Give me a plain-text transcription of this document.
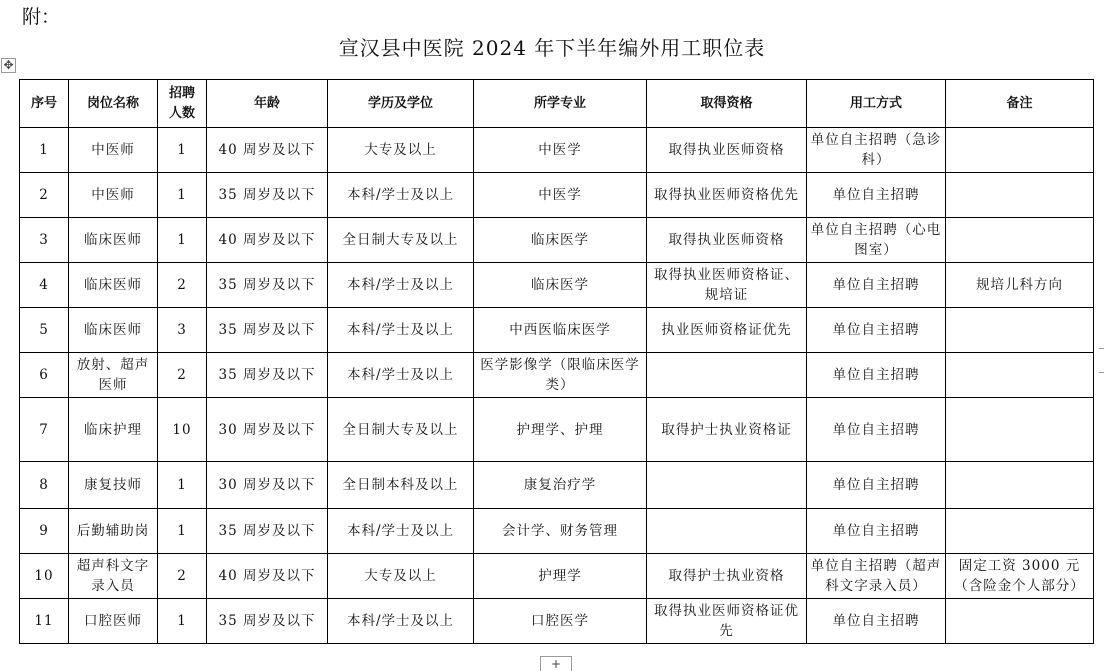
附：
宣汉县中医院 2024 年下半年编外用工职位表
✥
序号	岗位名称	招聘人数	年龄	学历及学位	所学专业	取得资格	用工方式	备注
1	中医师	1	40 周岁及以下	大专及以上	中医学	取得执业医师资格	单位自主招聘（急诊科）	
2	中医师	1	35 周岁及以下	本科/学士及以上	中医学	取得执业医师资格优先	单位自主招聘	
3	临床医师	1	40 周岁及以下	全日制大专及以上	临床医学	取得执业医师资格	单位自主招聘（心电图室）	
4	临床医师	2	35 周岁及以下	本科/学士及以上	临床医学	取得执业医师资格证、规培证	单位自主招聘	规培儿科方向
5	临床医师	3	35 周岁及以下	本科/学士及以上	中西医临床医学	执业医师资格证优先	单位自主招聘	
6	放射、超声医师	2	35 周岁及以下	本科/学士及以上	医学影像学（限临床医学类）		单位自主招聘	
7	临床护理	10	30 周岁及以下	全日制大专及以上	护理学、护理	取得护士执业资格证	单位自主招聘	
8	康复技师	1	30 周岁及以下	全日制本科及以上	康复治疗学		单位自主招聘	
9	后勤辅助岗	1	35 周岁及以下	本科/学士及以上	会计学、财务管理		单位自主招聘	
10	超声科文字录入员	2	40 周岁及以下	大专及以上	护理学	取得护士执业资格	单位自主招聘（超声科文字录入员）	固定工资 3000 元（含险金个人部分）
11	口腔医师	1	35 周岁及以下	本科/学士及以上	口腔医学	取得执业医师资格证优先	单位自主招聘	
+
